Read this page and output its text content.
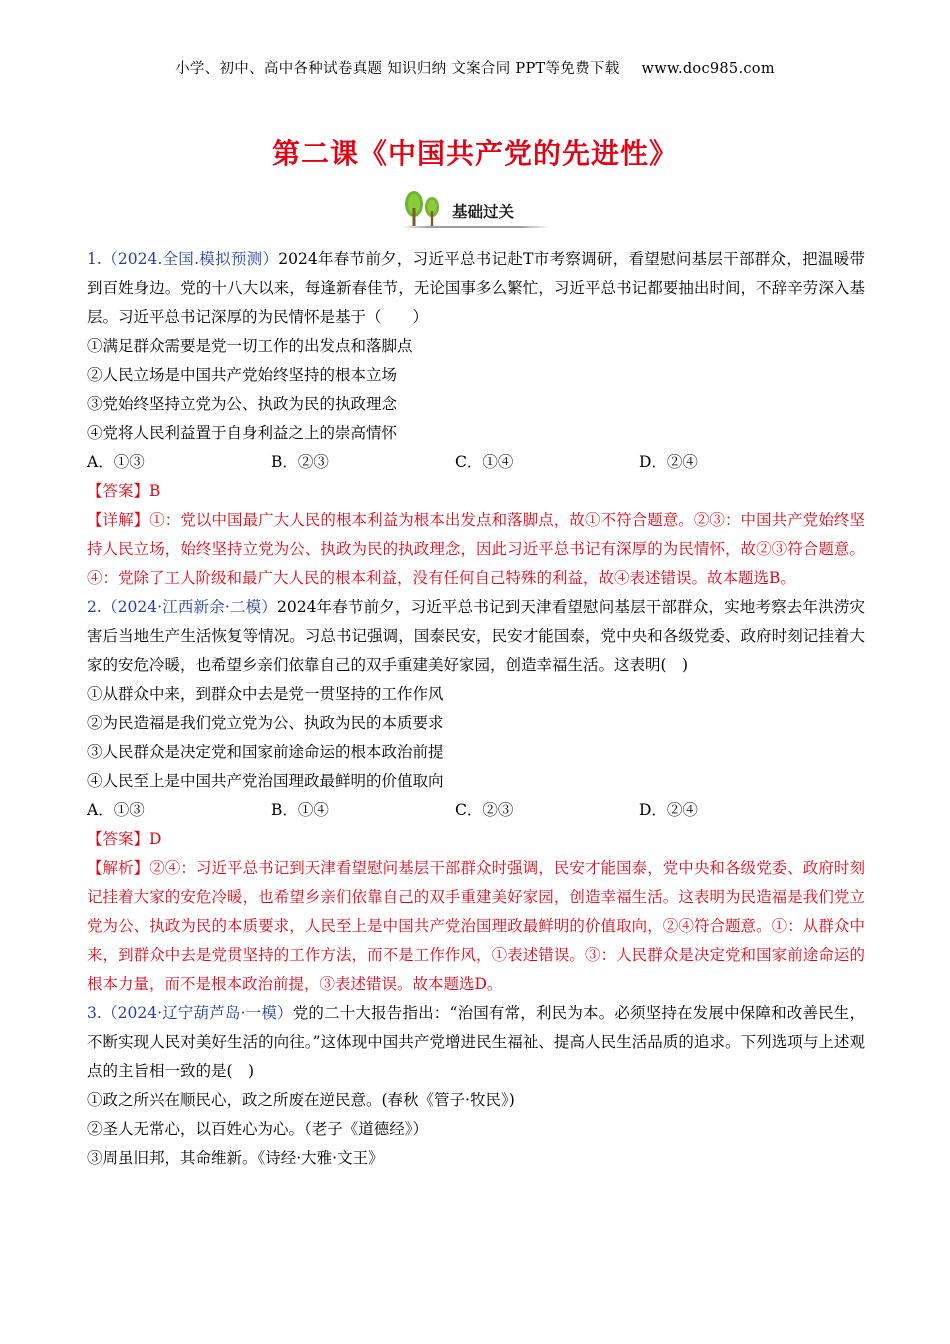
小学、初中、高中各种试卷真题 知识归纳 文案合同 PPT等免费下载 www.doc985.com
第二课《中国共产党的先进性》
基础过关

1.（2024.全国.模拟预测）2024年春节前夕，习近平总书记赴T市考察调研，看望慰问基层干部群众，把温暖带到百姓身边。党的十八大以来，每逢新春佳节，无论国事多么繁忙，习近平总书记都要抽出时间，不辞辛劳深入基层。习近平总书记深厚的为民情怀是基于（　　）

①满足群众需要是党一切工作的出发点和落脚点

②人民立场是中国共产党始终坚持的根本立场

③党始终坚持立党为公、执政为民的执政理念

④党将人民利益置于自身利益之上的崇高情怀

A．①③	B．②③	C．①④	D．②④

【答案】B

【详解】①：党以中国最广大人民的根本利益为根本出发点和落脚点，故①不符合题意。②③：中国共产党始终坚持人民立场，始终坚持立党为公、执政为民的执政理念，因此习近平总书记有深厚的为民情怀，故②③符合题意。④：党除了工人阶级和最广大人民的根本利益，没有任何自己特殊的利益，故④表述错误。故本题选B。

2.（2024·江西新余·二模）2024年春节前夕，习近平总书记到天津看望慰问基层干部群众，实地考察去年洪涝灾害后当地生产生活恢复等情况。习总书记强调，国泰民安，民安才能国泰，党中央和各级党委、政府时刻记挂着大家的安危冷暖，也希望乡亲们依靠自己的双手重建美好家园，创造幸福生活。这表明(　)

①从群众中来，到群众中去是党一贯坚持的工作作风

②为民造福是我们党立党为公、执政为民的本质要求

③人民群众是决定党和国家前途命运的根本政治前提

④人民至上是中国共产党治国理政最鲜明的价值取向

A．①③	B．①④	C．②③	D．②④

【答案】D

【解析】②④：习近平总书记到天津看望慰问基层干部群众时强调，民安才能国泰，党中央和各级党委、政府时刻记挂着大家的安危冷暖，也希望乡亲们依靠自己的双手重建美好家园，创造幸福生活。这表明为民造福是我们党立党为公、执政为民的本质要求，人民至上是中国共产党治国理政最鲜明的价值取向，②④符合题意。①：从群众中来，到群众中去是党贯坚持的工作方法，而不是工作作风，①表述错误。③：人民群众是决定党和国家前途命运的根本力量，而不是根本政治前提，③表述错误。故本题选D。

3.（2024·辽宁葫芦岛·一模）党的二十大报告指出：“治国有常，利民为本。必须坚持在发展中保障和改善民生，不断实现人民对美好生活的向往。”这体现中国共产党增进民生福祉、提高人民生活品质的追求。下列选项与上述观点的主旨相一致的是(　)

①政之所兴在顺民心，政之所废在逆民意。(春秋《管子·牧民》)

②圣人无常心，以百姓心为心。（老子《道德经》）

③周虽旧邦，其命维新。《诗经·大雅·文王》
